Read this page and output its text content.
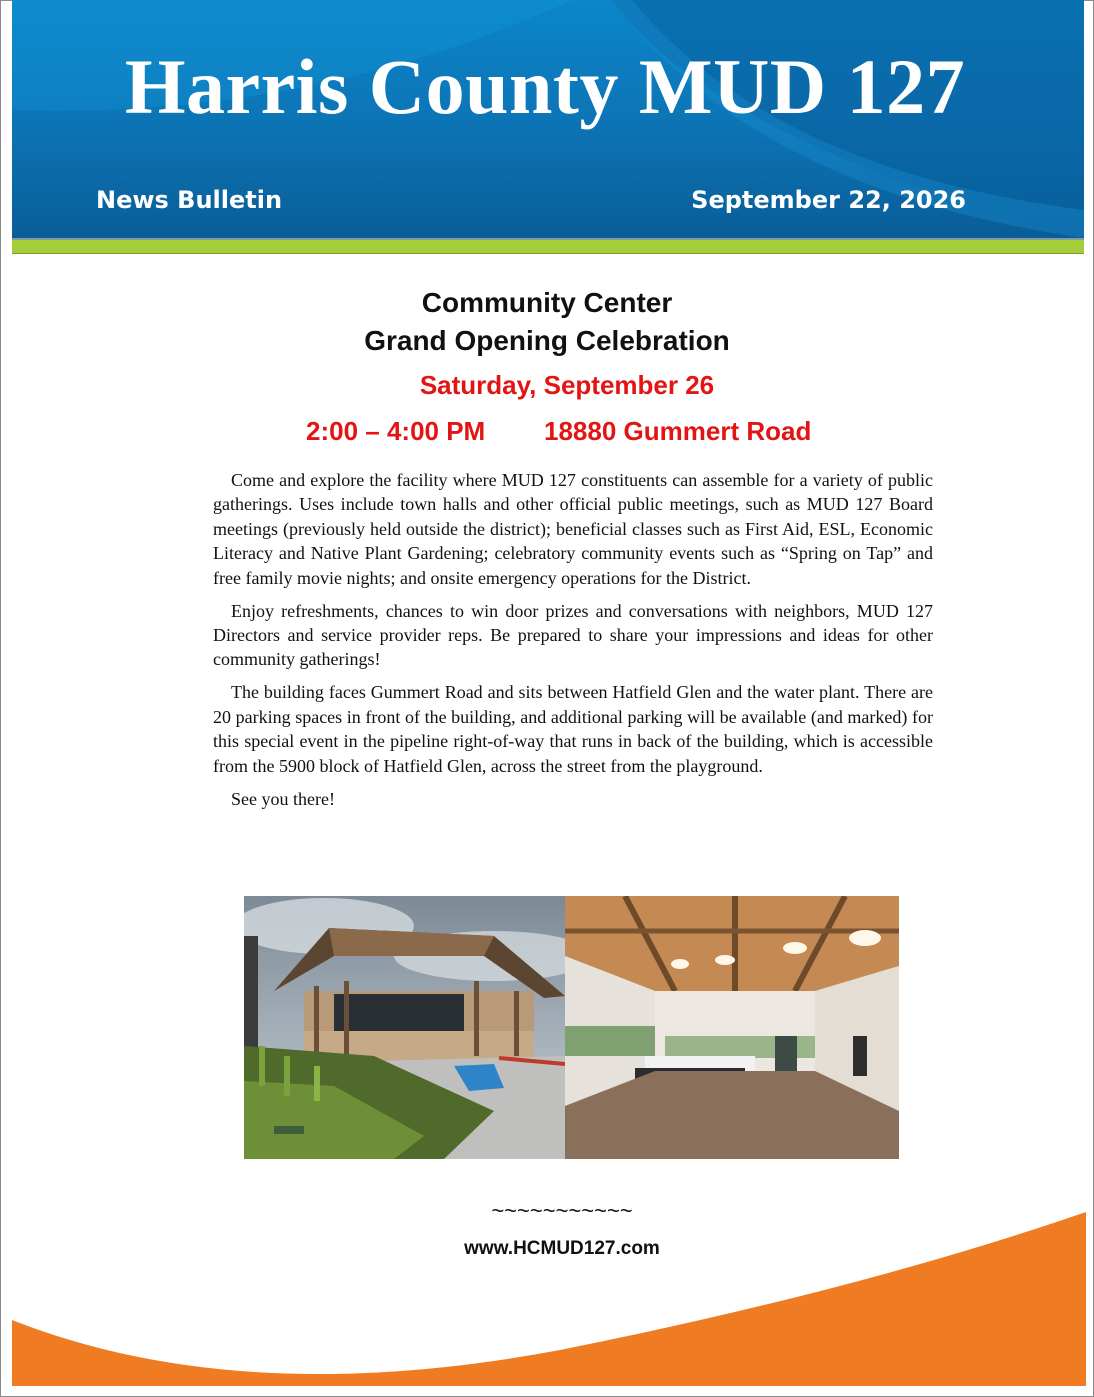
Harris County MUD 127
News Bulletin	September 22, 2026
Community Center
Grand Opening Celebration
Saturday, September 26
2:00 – 4:00 PM 18880 Gummert Road

Come and explore the facility where MUD 127 constituents can assemble for a variety of public gatherings. Uses include town halls and other official public meetings, such as MUD 127 Board meetings (previously held outside the district); beneficial classes such as First Aid, ESL, Economic Literacy and Native Plant Gardening; celebratory community events such as “Spring on Tap” and free family movie nights; and onsite emergency operations for the District.

Enjoy refreshments, chances to win door prizes and conversations with neighbors, MUD 127 Directors and service provider reps. Be prepared to share your impressions and ideas for other community gatherings!

The building faces Gummert Road and sits between Hatfield Glen and the water plant. There are 20 parking spaces in front of the building, and additional parking will be available (and marked) for this special event in the pipeline right-of-way that runs in back of the building, which is accessible from the 5900 block of Hatfield Glen, across the street from the playground.

See you there!

~~~~~~~~~~~
www.HCMUD127.com
